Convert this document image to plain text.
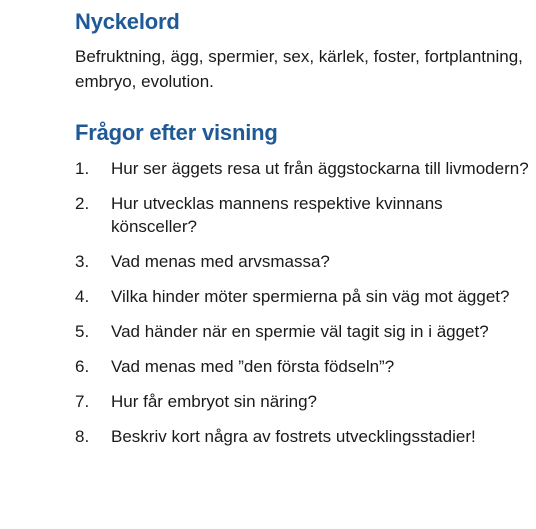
Nyckelord

Befruktning, ägg, spermier, sex, kärlek, foster, fortplantning, embryo, evolution.

Frågor efter visning
1.	Hur ser äggets resa ut från äggstockarna till livmodern?
2.	Hur utvecklas mannens respektive kvinnans könsceller?
3.	Vad menas med arvsmassa?
4.	Vilka hinder möter spermierna på sin väg mot ägget?
5.	Vad händer när en spermie väl tagit sig in i ägget?
6.	Vad menas med ”den första födseln”?
7.	Hur får embryot sin näring?
8.	Beskriv kort några av fostrets utvecklingsstadier!
